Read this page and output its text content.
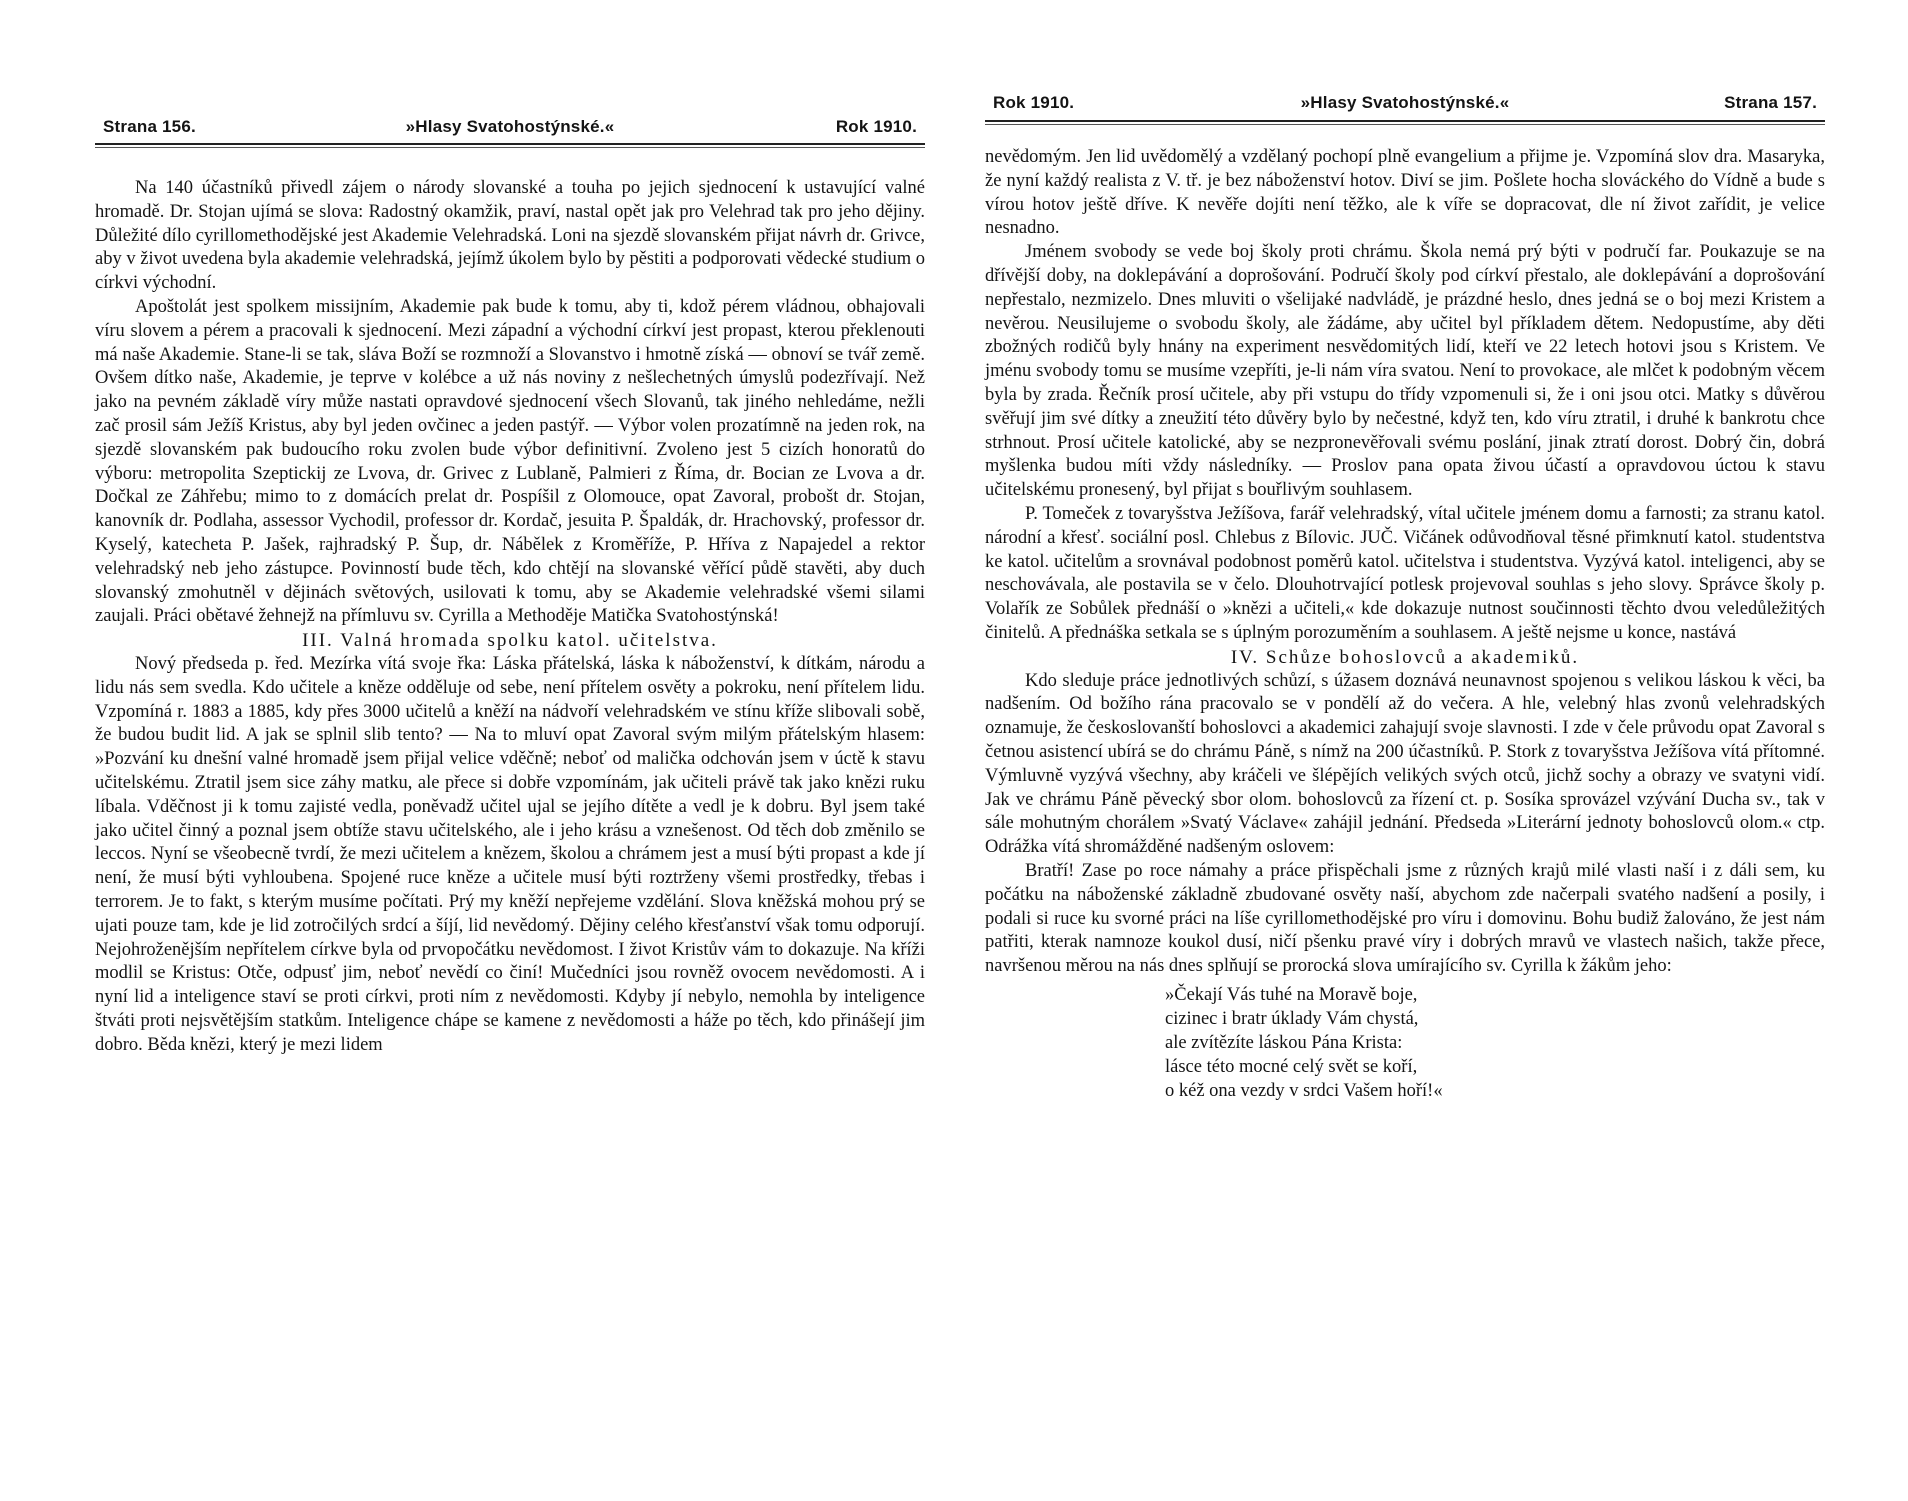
Strana 156.	»Hlasy Svatohostýnské.«	Rok 1910.

Na 140 účastníků přivedl zájem o národy slovanské a touha po jejich sjednocení k ustavující valné hromadě. Dr. Stojan ujímá se slova: Radostný okamžik, praví, nastal opět jak pro Velehrad tak pro jeho dějiny. Důležité dílo cyrillomethodějské jest Akademie Velehradská. Loni na sjezdě slovanském přijat návrh dr. Grivce, aby v život uvedena byla akademie velehradská, jejímž úkolem bylo by pěstiti a podporovati vědecké studium o církvi východní.

Apoštolát jest spolkem missijním, Akademie pak bude k tomu, aby ti, kdož pérem vládnou, obhajovali víru slovem a pérem a pracovali k sjednocení. Mezi západní a východní církví jest propast, kterou překlenouti má naše Akademie. Stane-li se tak, sláva Boží se rozmnoží a Slovanstvo i hmotně získá — obnoví se tvář země. Ovšem dítko naše, Akademie, je teprve v kolébce a už nás noviny z nešlechetných úmyslů podezřívají. Než jako na pevném základě víry může nastati opravdové sjednocení všech Slovanů, tak jiného nehledáme, nežli zač prosil sám Ježíš Kristus, aby byl jeden ovčinec a jeden pastýř. — Výbor volen prozatímně na jeden rok, na sjezdě slovanském pak budoucího roku zvolen bude výbor definitivní. Zvoleno jest 5 cizích honoratů do výboru: metropolita Szeptickij ze Lvova, dr. Grivec z Lublaně, Palmieri z Říma, dr. Bocian ze Lvova a dr. Dočkal ze Záhřebu; mimo to z domácích prelat dr. Pospíšil z Olomouce, opat Zavoral, probošt dr. Stojan, kanovník dr. Podlaha, assessor Vychodil, professor dr. Kordač, jesuita P. Špaldák, dr. Hrachovský, professor dr. Kyselý, katecheta P. Jašek, rajhradský P. Šup, dr. Nábělek z Kroměříže, P. Hříva z Napajedel a rektor velehradský neb jeho zástupce. Povinností bude těch, kdo chtějí na slovanské věřící půdě stavěti, aby duch slovanský zmohutněl v dějinách světových, usilovati k tomu, aby se Akademie velehradské všemi silami zaujali. Práci obětavé žehnejž na přímluvu sv. Cyrilla a Methoděje Matička Svatohostýnská!

III. Valná hromada spolku katol. učitelstva.

Nový předseda p. řed. Mezírka vítá svoje řka: Láska přátelská, láska k náboženství, k dítkám, národu a lidu nás sem svedla. Kdo učitele a kněze odděluje od sebe, není přítelem osvěty a pokroku, není přítelem lidu. Vzpomíná r. 1883 a 1885, kdy přes 3000 učitelů a kněží na nádvoří velehradském ve stínu kříže slibovali sobě, že budou budit lid. A jak se splnil slib tento? — Na to mluví opat Zavoral svým milým přátelským hlasem: »Pozvání ku dnešní valné hromadě jsem přijal velice vděčně; neboť od malička odchován jsem v úctě k stavu učitelskému. Ztratil jsem sice záhy matku, ale přece si dobře vzpomínám, jak učiteli právě tak jako knězi ruku líbala. Vděčnost ji k tomu zajisté vedla, poněvadž učitel ujal se jejího dítěte a vedl je k dobru. Byl jsem také jako učitel činný a poznal jsem obtíže stavu učitelského, ale i jeho krásu a vznešenost. Od těch dob změnilo se leccos. Nyní se všeobecně tvrdí, že mezi učitelem a knězem, školou a chrámem jest a musí býti propast a kde jí není, že musí býti vyhloubena. Spojené ruce kněze a učitele musí býti roztrženy všemi prostředky, třebas i terrorem. Je to fakt, s kterým musíme počítati. Prý my kněží nepřejeme vzdělání. Slova kněžská mohou prý se ujati pouze tam, kde je lid zotročilých srdcí a šíjí, lid nevědomý. Dějiny celého křesťanství však tomu odporují. Nejohroženějším nepřítelem církve byla od prvopočátku nevědomost. I život Kristův vám to dokazuje. Na kříži modlil se Kristus: Otče, odpusť jim, neboť nevědí co činí! Mučedníci jsou rovněž ovocem nevědomosti. A i nyní lid a inteligence staví se proti církvi, proti ním z nevědomosti. Kdyby jí nebylo, nemohla by inteligence štváti proti nejsvětějším statkům. Inteligence chápe se kamene z nevědomosti a háže po těch, kdo přinášejí jim dobro. Běda knězi, který je mezi lidem

Rok 1910.	»Hlasy Svatohostýnské.«	Strana 157.

nevědomým. Jen lid uvědomělý a vzdělaný pochopí plně evangelium a přijme je. Vzpomíná slov dra. Masaryka, že nyní každý realista z V. tř. je bez náboženství hotov. Diví se jim. Pošlete hocha slováckého do Vídně a bude s vírou hotov ještě dříve. K nevěře dojíti není těžko, ale k víře se dopracovat, dle ní život zařídit, je velice nesnadno.

Jménem svobody se vede boj školy proti chrámu. Škola nemá prý býti v područí far. Poukazuje se na dřívější doby, na doklepávání a doprošování. Područí školy pod církví přestalo, ale doklepávání a doprošování nepřestalo, nezmizelo. Dnes mluviti o všelijaké nadvládě, je prázdné heslo, dnes jedná se o boj mezi Kristem a nevěrou. Neusilujeme o svobodu školy, ale žádáme, aby učitel byl příkladem dětem. Nedopustíme, aby děti zbožných rodičů byly hnány na experiment nesvědomitých lidí, kteří ve 22 letech hotovi jsou s Kristem. Ve jménu svobody tomu se musíme vzepříti, je-li nám víra svatou. Není to provokace, ale mlčet k podobným věcem byla by zrada. Řečník prosí učitele, aby při vstupu do třídy vzpomenuli si, že i oni jsou otci. Matky s důvěrou svěřují jim své dítky a zneužití této důvěry bylo by nečestné, když ten, kdo víru ztratil, i druhé k bankrotu chce strhnout. Prosí učitele katolické, aby se nezpronevěřovali svému poslání, jinak ztratí dorost. Dobrý čin, dobrá myšlenka budou míti vždy následníky. — Proslov pana opata živou účastí a opravdovou úctou k stavu učitelskému pronesený, byl přijat s bouřlivým souhlasem.

P. Tomeček z tovaryšstva Ježíšova, farář velehradský, vítal učitele jménem domu a farnosti; za stranu katol. národní a křesť. sociální posl. Chlebus z Bílovic. JUČ. Vičánek odůvodňoval těsné přimknutí katol. studentstva ke katol. učitelům a srovnával podobnost poměrů katol. učitelstva i studentstva. Vyzývá katol. inteligenci, aby se neschovávala, ale postavila se v čelo. Dlouhotrvající potlesk projevoval souhlas s jeho slovy. Správce školy p. Volařík ze Sobůlek přednáší o »knězi a učiteli,« kde dokazuje nutnost součinnosti těchto dvou veledůležitých činitelů. A přednáška setkala se s úplným porozuměním a souhlasem. A ještě nejsme u konce, nastává

IV. Schůze bohoslovců a akademiků.

Kdo sleduje práce jednotlivých schůzí, s úžasem doznává neunavnost spojenou s velikou láskou k věci, ba nadšením. Od božího rána pracovalo se v pondělí až do večera. A hle, velebný hlas zvonů velehradských oznamuje, že českoslovanští bohoslovci a akademici zahajují svoje slavnosti. I zde v čele průvodu opat Zavoral s četnou asistencí ubírá se do chrámu Páně, s nímž na 200 účastníků. P. Stork z tovaryšstva Ježíšova vítá přítomné. Výmluvně vyzývá všechny, aby kráčeli ve šlépějích velikých svých otců, jichž sochy a obrazy ve svatyni vidí. Jak ve chrámu Páně pěvecký sbor olom. bohoslovců za řízení ct. p. Sosíka sprovázel vzývání Ducha sv., tak v sále mohutným chorálem »Svatý Václave« zahájil jednání. Předseda »Literární jednoty bohoslovců olom.« ctp. Odrážka vítá shromážděné nadšeným oslovem:

Bratří! Zase po roce námahy a práce přispěchali jsme z různých krajů milé vlasti naší i z dáli sem, ku počátku na náboženské základně zbudované osvěty naší, abychom zde načerpali svatého nadšení a posily, i podali si ruce ku svorné práci na líše cyrillomethodějské pro víru i domovinu. Bohu budiž žalováno, že jest nám patřiti, kterak namnoze koukol dusí, ničí pšenku pravé víry i dobrých mravů ve vlastech našich, takže přece, navršenou měrou na nás dnes splňují se prorocká slova umírajícího sv. Cyrilla k žákům jeho:

»Čekají Vás tuhé na Moravě boje,
cizinec i bratr úklady Vám chystá,
ale zvítězíte láskou Pána Krista:
lásce této mocné celý svět se koří,
o kéž ona vezdy v srdci Vašem hoří!«
